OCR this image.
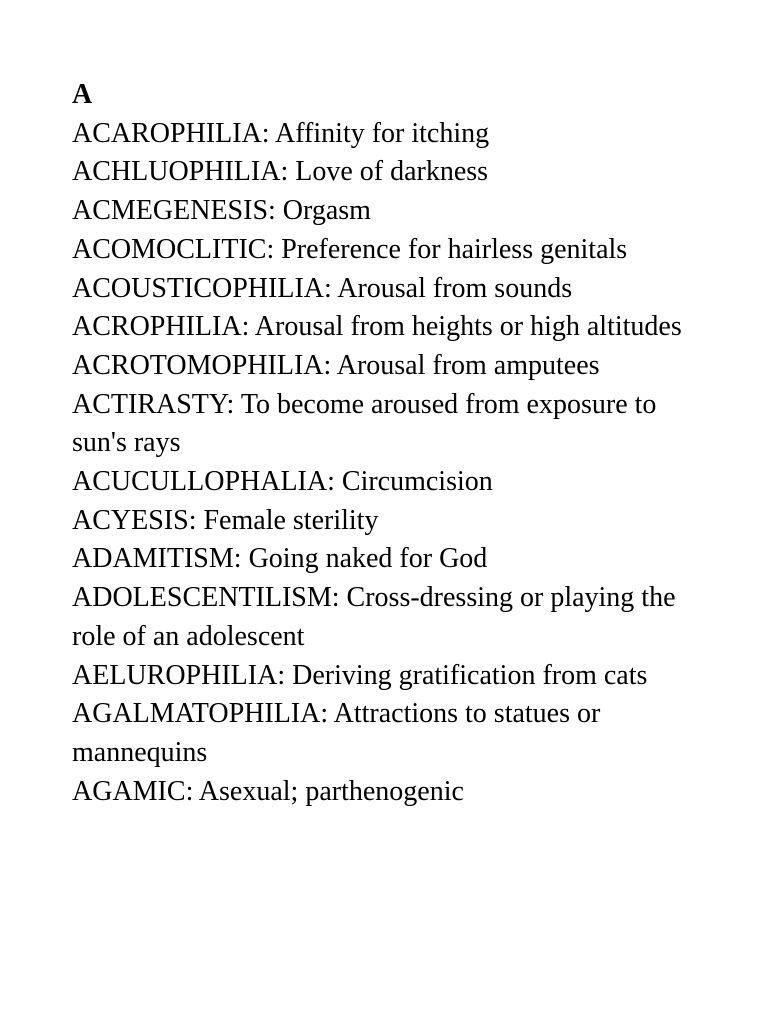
A

ACAROPHILIA: Affinity for itching

ACHLUOPHILIA: Love of darkness

ACMEGENESIS: Orgasm

ACOMOCLITIC: Preference for hairless genitals

ACOUSTICOPHILIA: Arousal from sounds

ACROPHILIA: Arousal from heights or high altitudes

ACROTOMOPHILIA: Arousal from amputees

ACTIRASTY: To become aroused from exposure to sun's rays

ACUCULLOPHALIA: Circumcision

ACYESIS: Female sterility

ADAMITISM: Going naked for God

ADOLESCENTILISM: Cross-dressing or playing the role of an adolescent

AELUROPHILIA: Deriving gratification from cats

AGALMATOPHILIA: Attractions to statues or mannequins

AGAMIC: Asexual; parthenogenic
